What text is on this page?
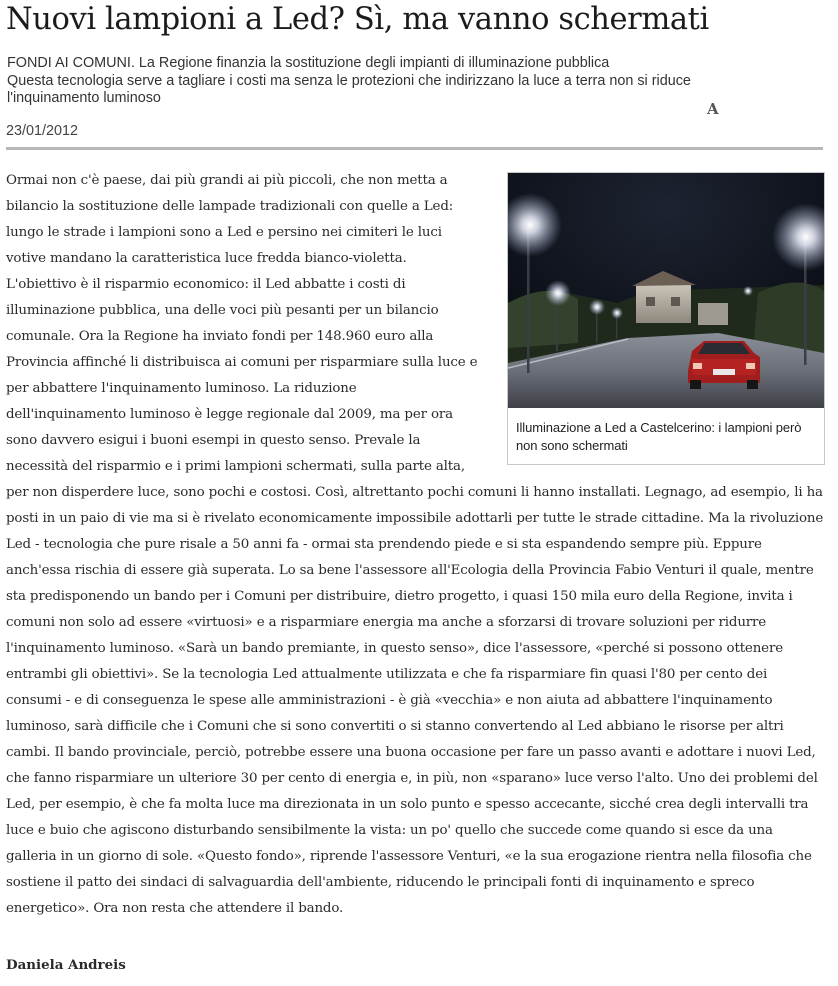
Nuovi lampioni a Led? Sì, ma vanno schermati
FONDI AI COMUNI. La Regione finanzia la sostituzione degli impianti di illuminazione pubblica
Questa tecnologia serve a tagliare i costi ma senza le protezioni che indirizzano la luce a terra non si riduce l'inquinamento luminoso
A
23/01/2012
Illuminazione a Led a Castelcerino: i lampioni però non sono schermati

Ormai non c'è paese, dai più grandi ai più piccoli, che non metta a bilancio la sostituzione delle lampade tradizionali con quelle a Led: lungo le strade i lampioni sono a Led e persino nei cimiteri le luci votive mandano la caratteristica luce fredda bianco-violetta. L'obiettivo è il risparmio economico: il Led abbatte i costi di illuminazione pubblica, una delle voci più pesanti per un bilancio comunale. Ora la Regione ha inviato fondi per 148.960 euro alla Provincia affinché li distribuisca ai comuni per risparmiare sulla luce e per abbattere l'inquinamento luminoso. La riduzione dell'inquinamento luminoso è legge regionale dal 2009, ma per ora sono davvero esigui i buoni esempi in questo senso. Prevale la necessità del risparmio e i primi lampioni schermati, sulla parte alta, per non disperdere luce, sono pochi e costosi. Così, altrettanto pochi comuni li hanno installati. Legnago, ad esempio, li ha posti in un paio di vie ma si è rivelato economicamente impossibile adottarli per tutte le strade cittadine. Ma la rivoluzione Led - tecnologia che pure risale a 50 anni fa - ormai sta prendendo piede e si sta espandendo sempre più. Eppure anch'essa rischia di essere già superata. Lo sa bene l'assessore all'Ecologia della Provincia Fabio Venturi il quale, mentre sta predisponendo un bando per i Comuni per distribuire, dietro progetto, i quasi 150 mila euro della Regione, invita i comuni non solo ad essere «virtuosi» e a risparmiare energia ma anche a sforzarsi di trovare soluzioni per ridurre l'inquinamento luminoso. «Sarà un bando premiante, in questo senso», dice l'assessore, «perché si possono ottenere entrambi gli obiettivi». Se la tecnologia Led attualmente utilizzata e che fa risparmiare fin quasi l'80 per cento dei consumi - e di conseguenza le spese alle amministrazioni - è già «vecchia» e non aiuta ad abbattere l'inquinamento luminoso, sarà difficile che i Comuni che si sono convertiti o si stanno convertendo al Led abbiano le risorse per altri cambi. Il bando provinciale, perciò, potrebbe essere una buona occasione per fare un passo avanti e adottare i nuovi Led, che fanno risparmiare un ulteriore 30 per cento di energia e, in più, non «sparano» luce verso l'alto. Uno dei problemi del Led, per esempio, è che fa molta luce ma direzionata in un solo punto e spesso accecante, sicché crea degli intervalli tra luce e buio che agiscono disturbando sensibilmente la vista: un po' quello che succede come quando si esce da una galleria in un giorno di sole. «Questo fondo», riprende l'assessore Venturi, «e la sua erogazione rientra nella filosofia che sostiene il patto dei sindaci di salvaguardia dell'ambiente, riducendo le principali fonti di inquinamento e spreco energetico». Ora non resta che attendere il bando.

Daniela Andreis
